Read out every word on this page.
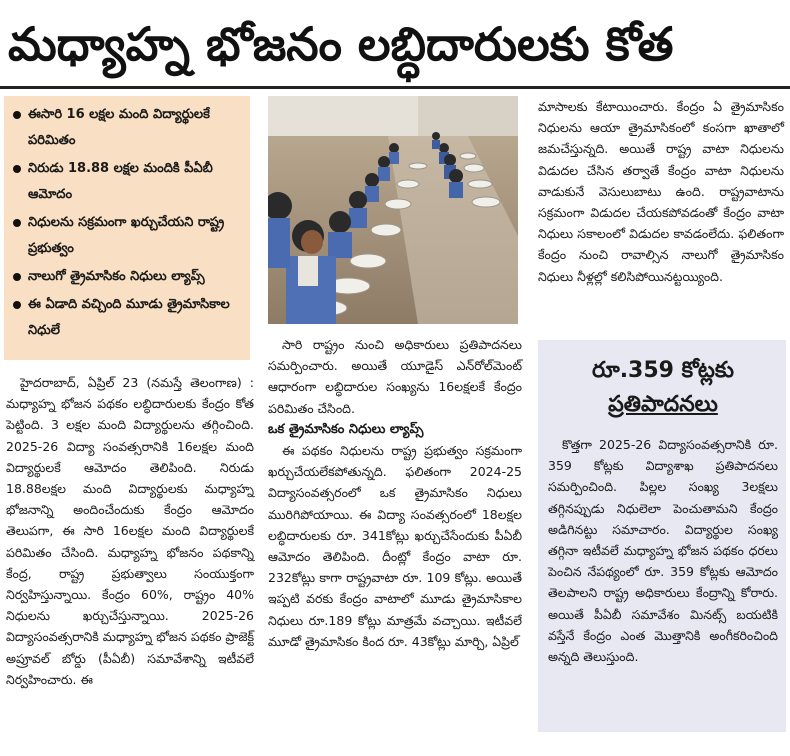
మధ్యాహ్న భోజనం లబ్ధిదారులకు కోత
ఈసారి 16 లక్షల మంది విద్యార్థులకే పరిమితం
నిరుడు 18.88 లక్షల మందికి పీఏబీ ఆమోదం
నిధులను సక్రమంగా ఖర్చుచేయని రాష్ట్ర ప్రభుత్వం
నాలుగో త్రైమాసికం నిధులు ల్యాప్స్
ఈ ఏడాది వచ్చింది మూడు త్రైమాసికాల నిధులే

హైదరాబాద్, ఏప్రిల్ 23 (నమస్తే తెలంగాణ) : మధ్యాహ్న భోజన పథకం లబ్ధిదారులకు కేంద్రం కోత పెట్టింది. 3 లక్షల మంది విద్యార్థులను తగ్గించింది. 2025-26 విద్యా సంవత్సరానికి 16లక్షల మంది విద్యార్థులకే ఆమోదం తెలిపింది. నిరుడు 18.88లక్షల మంది విద్యార్థులకు మధ్యాహ్న భోజనాన్ని అందించేందుకు కేంద్రం ఆమోదం తెలుపగా, ఈ సారి 16లక్షల మంది విద్యార్థులకే పరిమితం చేసింది. మధ్యాహ్న భోజనం పథకాన్ని కేంద్ర, రాష్ట్ర ప్రభుత్వాలు సంయుక్తంగా నిర్వహిస్తున్నాయి. కేంద్రం 60%, రాష్ట్రం 40% నిధులను ఖర్చుచేస్తున్నాయి. 2025-26 విద్యాసంవత్సరానికి మధ్యాహ్న భోజన పథకం ప్రాజెక్ట్ అప్రూవల్ బోర్డు (పీఏబీ) సమావేశాన్ని ఇటీవలే నిర్వహించారు. ఈ

సారి రాష్ట్రం నుంచి అధికారులు ప్రతిపాదనలు సమర్పించారు. అయితే యూడైస్ ఎన్‌రోల్‌మెంట్ ఆధారంగా లబ్ధిదారుల సంఖ్యను 16లక్షలకే కేంద్రం పరిమితం చేసింది.

ఒక త్రైమాసికం నిధులు ల్యాప్స్

ఈ పథకం నిధులను రాష్ట్ర ప్రభుత్వం సక్రమంగా ఖర్చుచేయలేకపోతున్నది. ఫలితంగా 2024-25 విద్యాసంవత్సరంలో ఒక త్రైమాసికం నిధులు మురిగిపోయాయి. ఈ విద్యా సంవత్సరంలో 18లక్షల లబ్ధిదారులకు రూ. 341కోట్లు ఖర్చుచేసేందుకు పీఏబీ ఆమోదం తెలిపింది. దీంట్లో కేంద్రం వాటా రూ. 232కోట్లు కాగా రాష్ట్రవాటా రూ. 109 కోట్లు. అయితే ఇప్పటి వరకు కేంద్రం వాటాలో మూడు త్రైమాసికాల నిధులు రూ.189 కోట్లు మాత్రమే వచ్చాయి. ఇటీవలే మూడో త్రైమాసికం కింద రూ. 43కోట్లు మార్చి, ఏప్రిల్

మాసాలకు కేటాయించారు. కేంద్రం ఏ త్రైమాసికం నిధులను ఆయా త్రైమాసికంలో కంసగా ఖాతాలో జమచేస్తున్నది. అయితే రాష్ట్ర వాటా నిధులను విడుదల చేసిన తర్వాతే కేంద్రం వాటా నిధులను వాడుకునే వెసులుబాటు ఉంది. రాష్ట్రవాటాను సక్రమంగా విడుదల చేయకపోవడంతో కేంద్రం వాటా నిధులు సకాలంలో విడుదల కావడంలేదు. ఫలితంగా కేంద్రం నుంచి రావాల్సిన నాలుగో త్రైమాసికం నిధులు నీళ్లల్లో కలిసిపోయినట్టయ్యింది.

రూ.359 కోట్లకు
ప్రతిపాదనలు

కొత్తగా 2025-26 విద్యాసంవత్సరానికి రూ. 359 కోట్లకు విద్యాశాఖ ప్రతిపాదనలు సమర్పించింది. పిల్లల సంఖ్య 3లక్షలు తగ్గినప్పుడు నిధులెలా పెంచుతామని కేంద్రం అడిగినట్టు సమాచారం. విద్యార్థుల సంఖ్య తగ్గినా ఇటీవలే మధ్యాహ్న భోజన పథకం ధరలు పెంచిన నేపథ్యంలో రూ. 359 కోట్లకు ఆమోదం తెలపాలని రాష్ట్ర అధికారులు కేంద్రాన్ని కోరారు. అయితే పీఏబీ సమావేశం మినట్స్ బయటికి వస్తేనే కేంద్రం ఎంత మొత్తానికి అంగీకరించింది అన్నది తెలుస్తుంది.
